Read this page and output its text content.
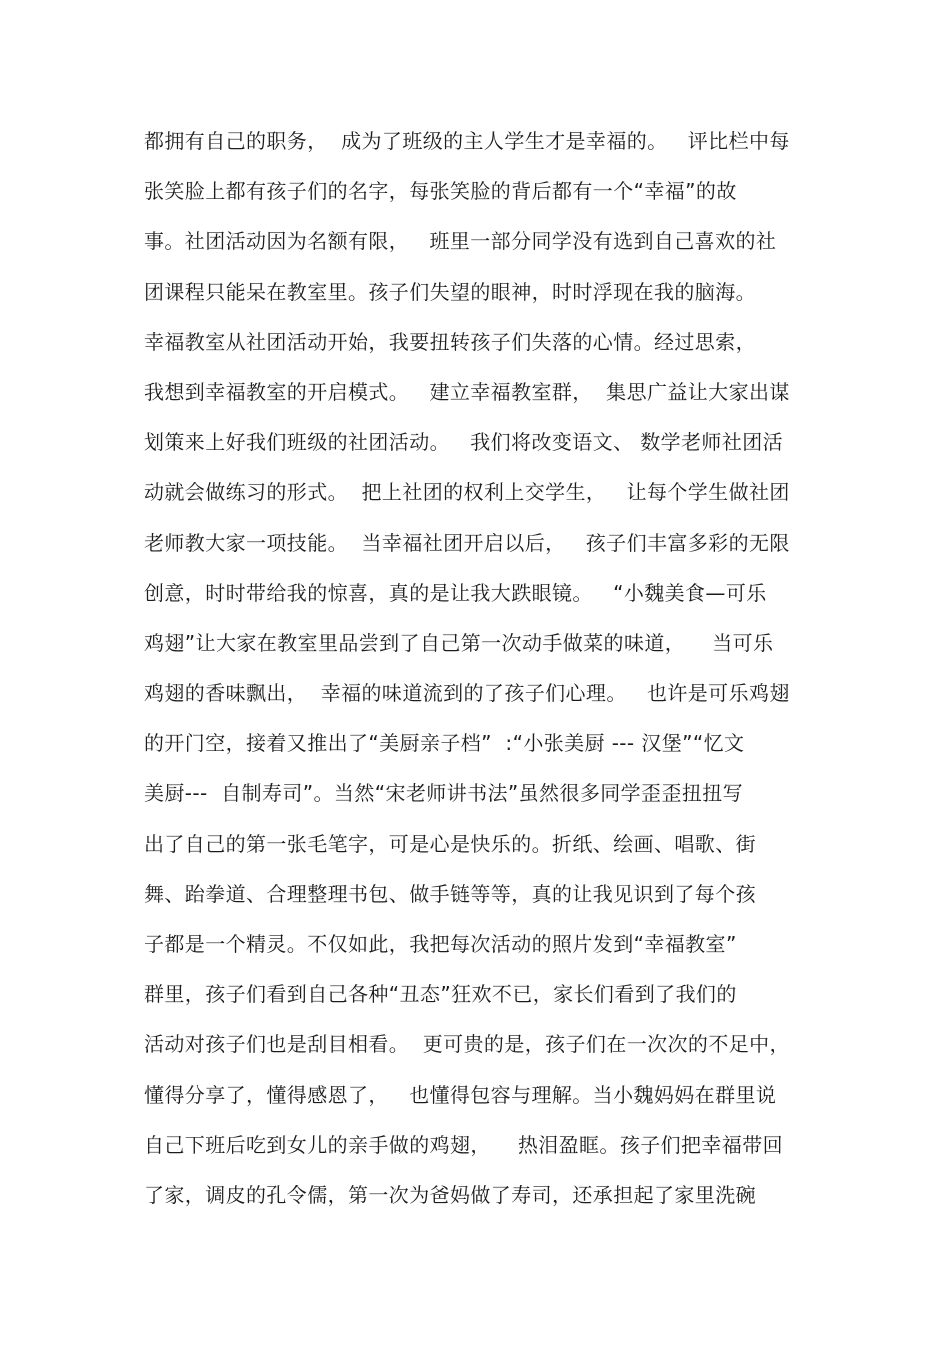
都拥有自己的职务，  成为了班级的主人学生才是幸福的。   评比栏中每
张笑脸上都有孩子们的名字，每张笑脸的背后都有一个“幸福”的故
事。社团活动因为名额有限，   班里一部分同学没有选到自己喜欢的社
团课程只能呆在教室里。孩子们失望的眼神，时时浮现在我的脑海。
幸福教室从社团活动开始，我要扭转孩子们失落的心情。经过思索，
我想到幸福教室的开启模式。   建立幸福教室群，  集思广益让大家出谋
划策来上好我们班级的社团活动。   我们将改变语文、 数学老师社团活
动就会做练习的形式。  把上社团的权利上交学生，   让每个学生做社团
老师教大家一项技能。  当幸福社团开启以后，   孩子们丰富多彩的无限
创意，时时带给我的惊喜，真的是让我大跌眼镜。   “小魏美食—可乐
鸡翅”让大家在教室里品尝到了自己第一次动手做菜的味道，    当可乐
鸡翅的香味飘出，  幸福的味道流到的了孩子们心理。   也许是可乐鸡翅
的开门空，接着又推出了“美厨亲子档”  :“小张美厨 --- 汉堡”“忆文
美厨---  自制寿司”。当然“宋老师讲书法”虽然很多同学歪歪扭扭写
出了自己的第一张毛笔字，可是心是快乐的。折纸、绘画、唱歌、街
舞、跆拳道、合理整理书包、做手链等等，真的让我见识到了每个孩
子都是一个精灵。不仅如此，我把每次活动的照片发到“幸福教室”
群里，孩子们看到自己各种“丑态”狂欢不已，家长们看到了我们的
活动对孩子们也是刮目相看。  更可贵的是，孩子们在一次次的不足中，
懂得分享了，懂得感恩了，   也懂得包容与理解。当小魏妈妈在群里说
自己下班后吃到女儿的亲手做的鸡翅，    热泪盈眶。孩子们把幸福带回
了家，调皮的孔令儒，第一次为爸妈做了寿司，还承担起了家里洗碗
